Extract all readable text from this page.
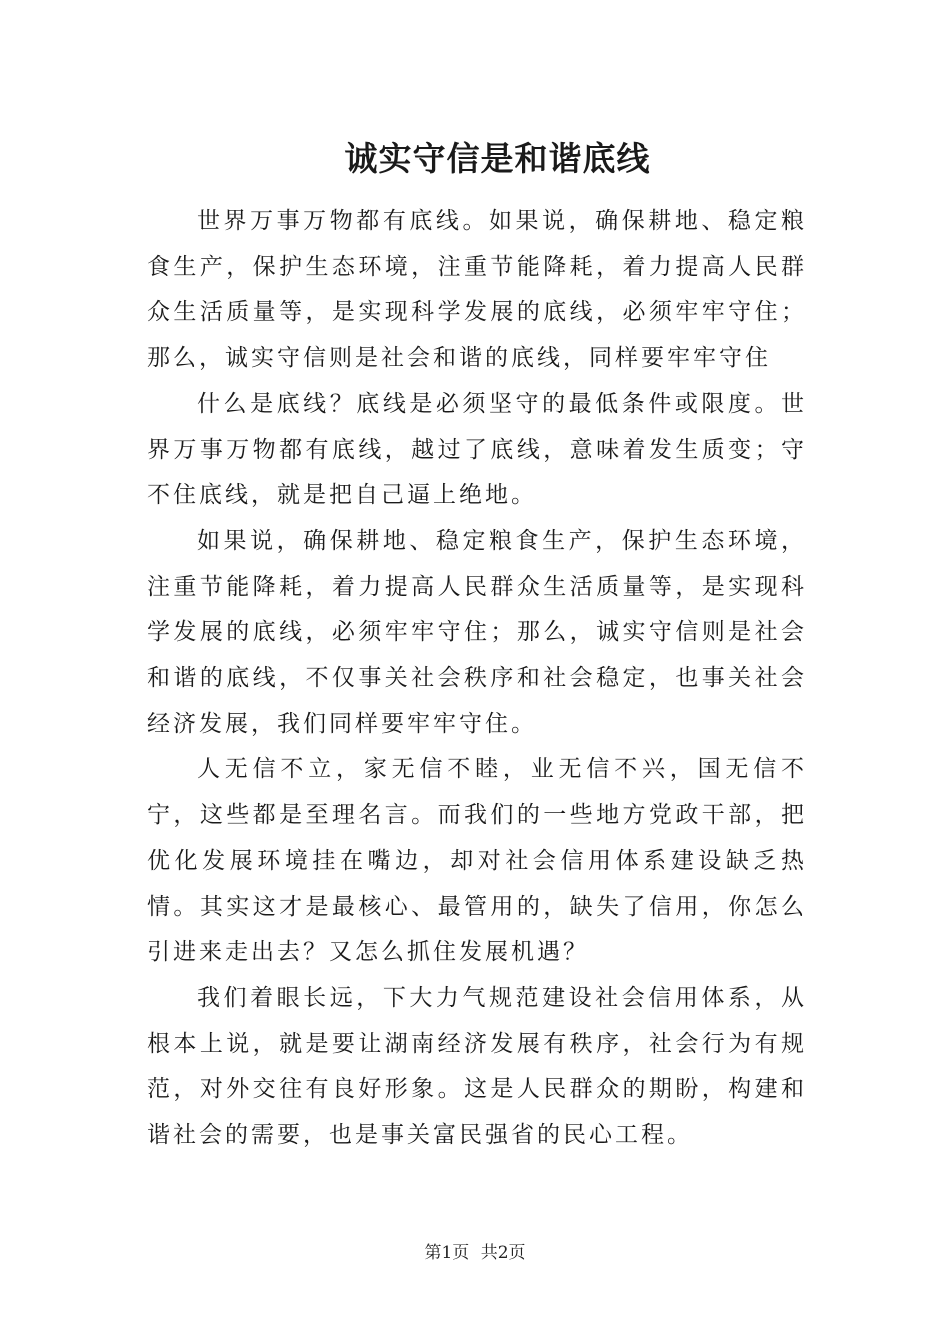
诚实守信是和谐底线

世界万事万物都有底线。如果说，确保耕地、稳定粮食生产，保护生态环境，注重节能降耗，着力提高人民群众生活质量等，是实现科学发展的底线，必须牢牢守住；那么，诚实守信则是社会和谐的底线，同样要牢牢守住

什么是底线？底线是必须坚守的最低条件或限度。世界万事万物都有底线，越过了底线，意味着发生质变；守不住底线，就是把自己逼上绝地。

如果说，确保耕地、稳定粮食生产，保护生态环境，注重节能降耗，着力提高人民群众生活质量等，是实现科学发展的底线，必须牢牢守住；那么，诚实守信则是社会和谐的底线，不仅事关社会秩序和社会稳定，也事关社会经济发展，我们同样要牢牢守住。

人无信不立，家无信不睦，业无信不兴，国无信不宁，这些都是至理名言。而我们的一些地方党政干部，把优化发展环境挂在嘴边，却对社会信用体系建设缺乏热情。其实这才是最核心、最管用的，缺失了信用，你怎么引进来走出去？又怎么抓住发展机遇？

我们着眼长远，下大力气规范建设社会信用体系，从根本上说，就是要让湖南经济发展有秩序，社会行为有规范，对外交往有良好形象。这是人民群众的期盼，构建和谐社会的需要，也是事关富民强省的民心工程。

第1页 共2页
